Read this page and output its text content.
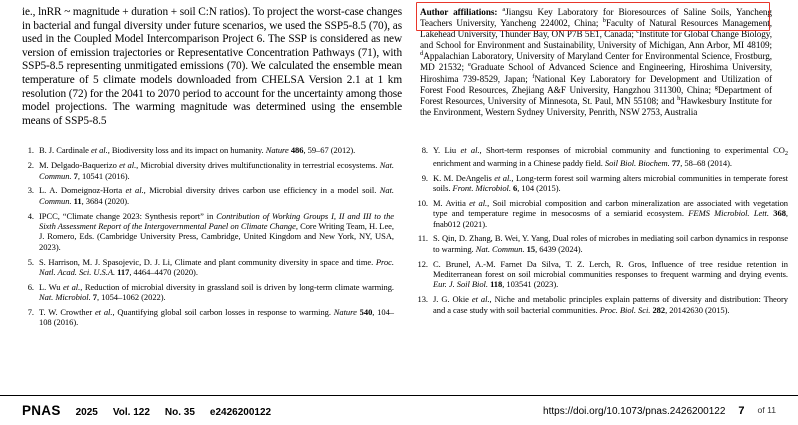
ie., lnRR ~ magnitude + duration + soil C:N ratios). To project the worst-case changes in bacterial and fungal diversity under future scenarios, we used the SSP5-8.5 (70), as used in the Coupled Model Intercomparison Project 6. The SSP is considered as new version of emission trajectories or Representative Concentration Pathways (71), with SSP5-8.5 representing unmitigated emissions (70). We calculated the ensemble mean temperature of 5 climate models downloaded from CHELSA Version 2.1 at 1 km resolution (72) for the 2041 to 2070 period to account for the uncertainty among those model projections. The warming magnitude was determined using the ensemble means of SSP5-8.5
Author affiliations: $^a$Jiangsu Key Laboratory for Bioresources of Saline Soils, Yancheng Teachers University, Yancheng 224002, China; $^b$Faculty of Natural Resources Management, Lakehead University, Thunder Bay, ON P7B 5E1, Canada; $^c$Institute for Global Change Biology, and School for Environment and Sustainability, University of Michigan, Ann Arbor, MI 48109; $^d$Appalachian Laboratory, University of Maryland Center for Environmental Science, Frostburg, MD 21532; $^e$Graduate School of Advanced Science and Engineering, Hiroshima University, Hiroshima 739-8529, Japan; $^f$National Key Laboratory for Development and Utilization of Forest Food Resources, Zhejiang A&F University, Hangzhou 311300, China; $^g$Department of Forest Resources, University of Minnesota, St. Paul, MN 55108; and $^h$Hawkesbury Institute for the Environment, Western Sydney University, Penrith, NSW 2753, Australia
1. B. J. Cardinale et al., Biodiversity loss and its impact on humanity. Nature 486, 59–67 (2012).
2. M. Delgado-Baquerizo et al., Microbial diversity drives multifunctionality in terrestrial ecosystems. Nat. Commun. 7, 10541 (2016).
3. L. A. Domeignoz-Horta et al., Microbial diversity drives carbon use efficiency in a model soil. Nat. Commun. 11, 3684 (2020).
4. IPCC, “Climate change 2023: Synthesis report” in Contribution of Working Groups I, II and III to the Sixth Assessment Report of the Intergovernmental Panel on Climate Change, Core Writing Team, H. Lee, J. Romero, Eds. (Cambridge University Press, Cambridge, United Kingdom and New York, NY, USA, 2023).
5. S. Harrison, M. J. Spasojevic, D. J. Li, Climate and plant community diversity in space and time. Proc. Natl. Acad. Sci. U.S.A. 117, 4464–4470 (2020).
6. L. Wu et al., Reduction of microbial diversity in grassland soil is driven by long-term climate warming. Nat. Microbiol. 7, 1054–1062 (2022).
7. T. W. Crowther et al., Quantifying global soil carbon losses in response to warming. Nature 540, 104–108 (2016).
8. Y. Liu et al., Short-term responses of microbial community and functioning to experimental $CO_2$ enrichment and warming in a Chinese paddy field. Soil Biol. Biochem. 77, 58–68 (2014).
9. K. M. DeAngelis et al., Long-term forest soil warming alters microbial communities in temperate forest soils. Front. Microbiol. 6, 104 (2015).
10. M. Avitia et al., Soil microbial composition and carbon mineralization are associated with vegetation type and temperature regime in mesocosms of a semiarid ecosystem. FEMS Microbiol. Lett. 368, fnab012 (2021).
11. S. Qin, D. Zhang, B. Wei, Y. Yang, Dual roles of microbes in mediating soil carbon dynamics in response to warming. Nat. Commun. 15, 6439 (2024).
12. C. Brunel, A.-M. Farnet Da Silva, T. Z. Lerch, R. Gros, Influence of tree residue retention in Mediterranean forest on soil microbial communities responses to frequent warming and drying events. Eur. J. Soil Biol. 118, 103541 (2023).
13. J. G. Okie et al., Niche and metabolic principles explain patterns of diversity and distribution: Theory and a case study with soil bacterial communities. Proc. Biol. Sci. 282, 20142630 (2015).
PNAS 2025 Vol. 122 No. 35 e2426200122	https://doi.org/10.1073/pnas.2426200122 7 of 11
